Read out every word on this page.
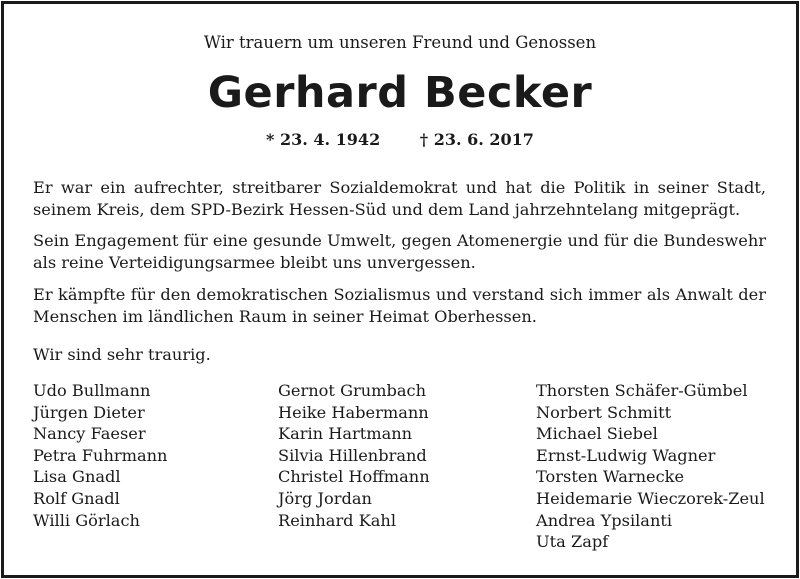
Wir trauern um unseren Freund und Genossen
Gerhard Becker
* 23. 4. 1942 † 23. 6. 2017
Er war ein aufrechter, streitbarer Sozialdemokrat und hat die Politik in seiner Stadt, seinem Kreis, dem SPD-Bezirk Hessen-Süd und dem Land jahrzehntelang mitgeprägt.
Sein Engagement für eine gesunde Umwelt, gegen Atomenergie und für die Bundeswehr als reine Verteidigungsarmee bleibt uns unvergessen.
Er kämpfte für den demokratischen Sozialismus und verstand sich immer als Anwalt der Menschen im ländlichen Raum in seiner Heimat Oberhessen.
Wir sind sehr traurig.
Udo Bullmann
Jürgen Dieter
Nancy Faeser
Petra Fuhrmann
Lisa Gnadl
Rolf Gnadl
Willi Görlach
Gernot Grumbach
Heike Habermann
Karin Hartmann
Silvia Hillenbrand
Christel Hoffmann
Jörg Jordan
Reinhard Kahl
Thorsten Schäfer-Gümbel
Norbert Schmitt
Michael Siebel
Ernst-Ludwig Wagner
Torsten Warnecke
Heidemarie Wieczorek-Zeul
Andrea Ypsilanti
Uta Zapf
